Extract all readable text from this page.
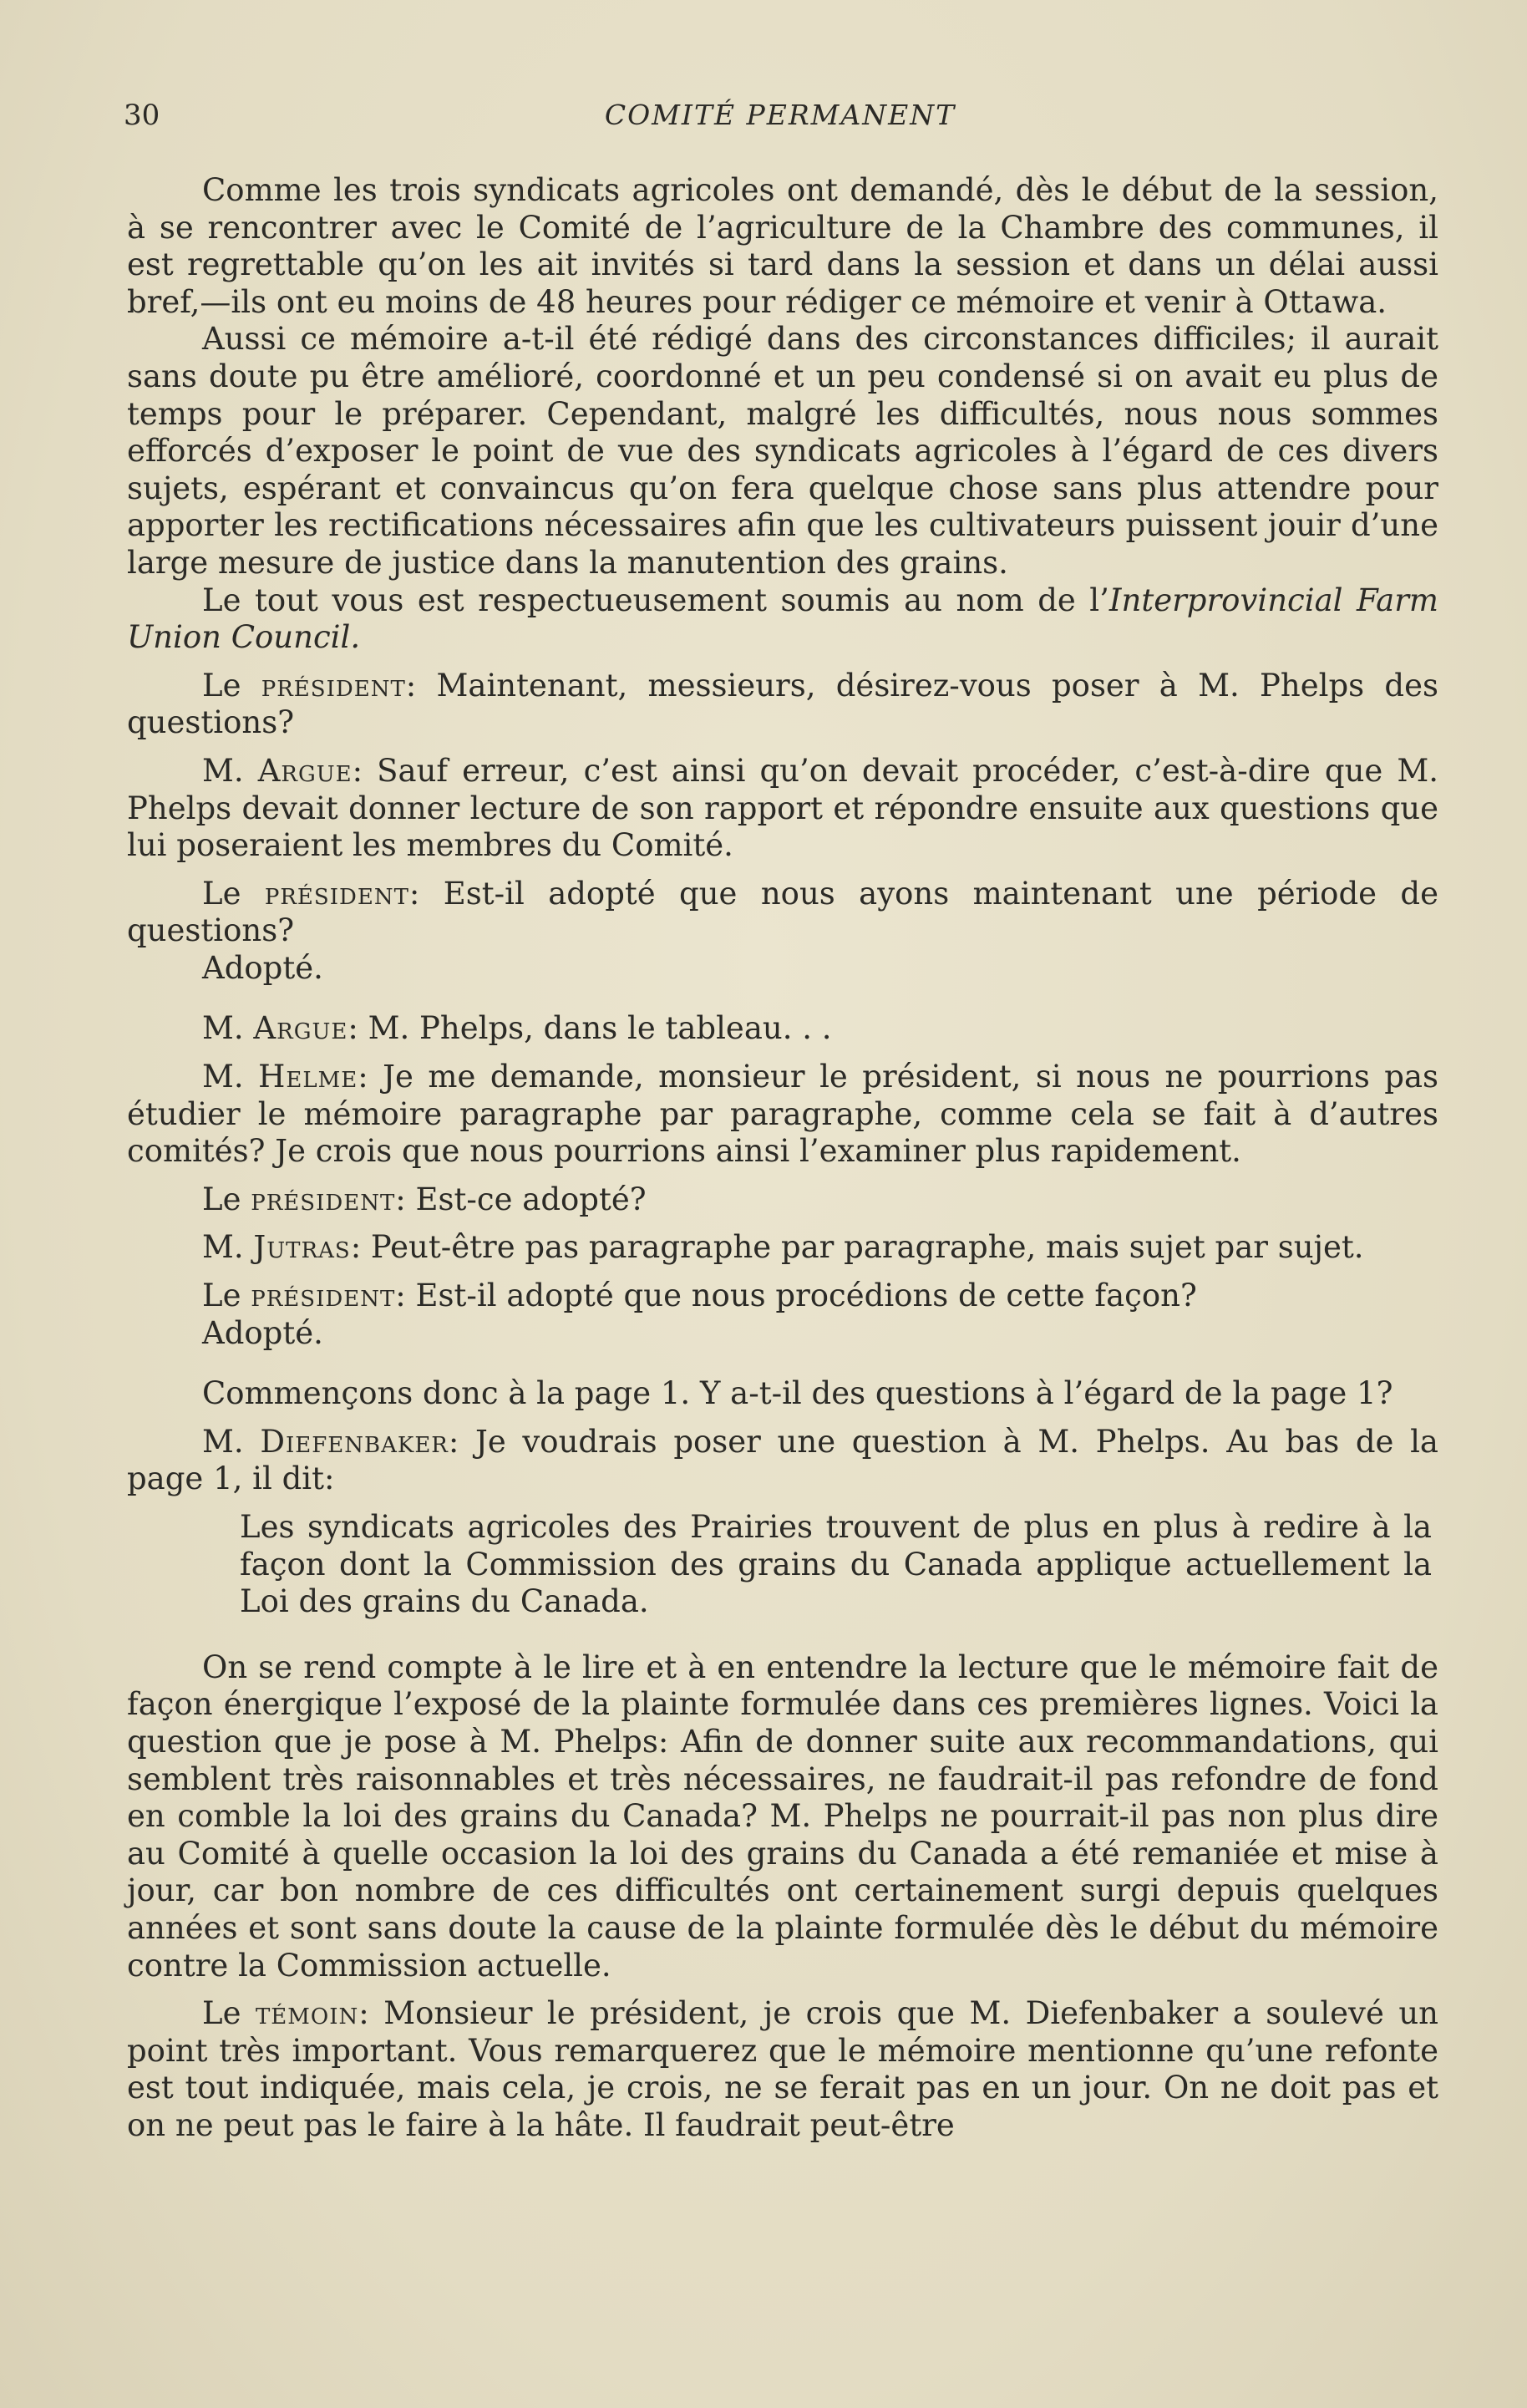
30	COMITÉ PERMANENT

Comme les trois syndicats agricoles ont demandé, dès le début de la session, à se rencontrer avec le Comité de l’agriculture de la Chambre des communes, il est regrettable qu’on les ait invités si tard dans la session et dans un délai aussi bref,—ils ont eu moins de 48 heures pour rédiger ce mémoire et venir à Ottawa.

Aussi ce mémoire a-t-il été rédigé dans des circonstances difficiles; il aurait sans doute pu être amélioré, coordonné et un peu condensé si on avait eu plus de temps pour le préparer. Cependant, malgré les difficultés, nous nous sommes efforcés d’exposer le point de vue des syndicats agricoles à l’égard de ces divers sujets, espérant et convaincus qu’on fera quelque chose sans plus attendre pour apporter les rectifications nécessaires afin que les cultivateurs puissent jouir d’une large mesure de justice dans la manutention des grains.

Le tout vous est respectueusement soumis au nom de l’Interprovincial Farm Union Council.

Le président: Maintenant, messieurs, désirez-vous poser à M. Phelps des questions?

M. Argue: Sauf erreur, c’est ainsi qu’on devait procéder, c’est-à-dire que M. Phelps devait donner lecture de son rapport et répondre ensuite aux questions que lui poseraient les membres du Comité.

Le président: Est-il adopté que nous ayons maintenant une période de questions?

Adopté.

M. Argue: M. Phelps, dans le tableau. . .

M. Helme: Je me demande, monsieur le président, si nous ne pourrions pas étudier le mémoire paragraphe par paragraphe, comme cela se fait à d’autres comités? Je crois que nous pourrions ainsi l’examiner plus rapidement.

Le président: Est-ce adopté?

M. Jutras: Peut-être pas paragraphe par paragraphe, mais sujet par sujet.

Le président: Est-il adopté que nous procédions de cette façon?

Adopté.

Commençons donc à la page 1. Y a-t-il des questions à l’égard de la page 1?

M. Diefenbaker: Je voudrais poser une question à M. Phelps. Au bas de la page 1, il dit:

Les syndicats agricoles des Prairies trouvent de plus en plus à redire à la façon dont la Commission des grains du Canada applique actuellement la Loi des grains du Canada.

On se rend compte à le lire et à en entendre la lecture que le mémoire fait de façon énergique l’exposé de la plainte formulée dans ces premières lignes. Voici la question que je pose à M. Phelps: Afin de donner suite aux recommandations, qui semblent très raisonnables et très nécessaires, ne faudrait-il pas refondre de fond en comble la loi des grains du Canada? M. Phelps ne pourrait-il pas non plus dire au Comité à quelle occasion la loi des grains du Canada a été remaniée et mise à jour, car bon nombre de ces difficultés ont certainement surgi depuis quelques années et sont sans doute la cause de la plainte formulée dès le début du mémoire contre la Commission actuelle.

Le témoin: Monsieur le président, je crois que M. Diefenbaker a soulevé un point très important. Vous remarquerez que le mémoire mentionne qu’une refonte est tout indiquée, mais cela, je crois, ne se ferait pas en un jour. On ne doit pas et on ne peut pas le faire à la hâte. Il faudrait peut-être
